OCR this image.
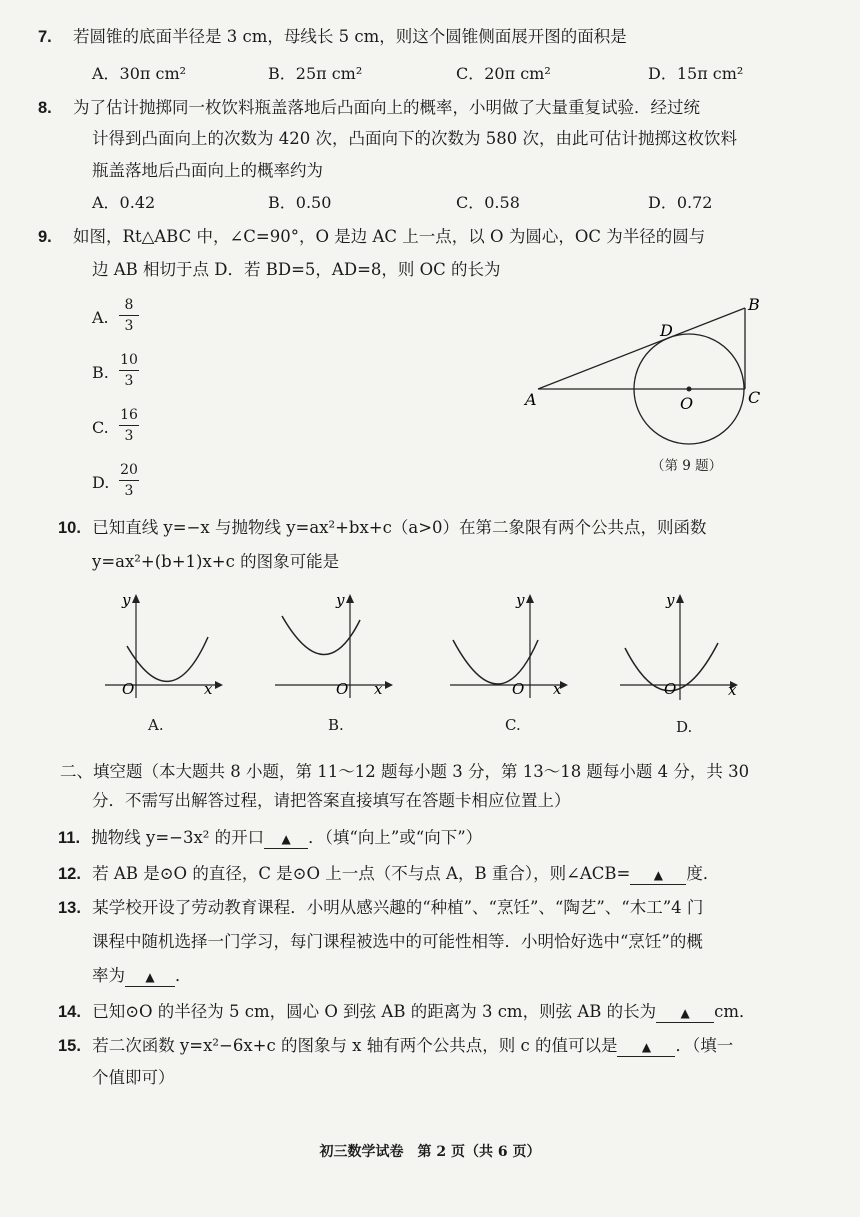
7. 若圆锥的底面半径是 3 cm，母线长 5 cm，则这个圆锥侧面展开图的面积是
A．30π cm²	B．25π cm²	C．20π cm²	D．15π cm²
8. 为了估计抛掷同一枚饮料瓶盖落地后凸面向上的概率，小明做了大量重复试验．经过统
计得到凸面向上的次数为 420 次，凸面向下的次数为 580 次，由此可估计抛掷这枚饮料
瓶盖落地后凸面向上的概率约为
A．0.42	B．0.50	C．0.58	D．0.72
9. 如图，Rt△ABC 中，∠C=90°，O 是边 AC 上一点，以 O 为圆心，OC 为半径的圆与
边 AB 相切于点 D．若 BD=5，AD=8，则 OC 的长为
A.
8
3
B.
10
3
C.
16
3
D.
20
3
A
B
C
D
O
（第 9 题）
10. 已知直线 y=−x 与抛物线 y=ax²+bx+c（a>0）在第二象限有两个公共点，则函数
y=ax²+(b+1)x+c 的图象可能是
y
x
O
A.
y
x
O
B.
y
x
O
C.
y
x
O
D.
二、填空题（本大题共 8 小题，第 11～12 题每小题 3 分，第 13～18 题每小题 4 分，共 30
分．不需写出解答过程，请把答案直接填写在答题卡相应位置上）
11. 抛物线 y=−3x² 的开口 ▲ ．（填“向上”或“向下”）
12. 若 AB 是⊙O 的直径，C 是⊙O 上一点（不与点 A，B 重合），则∠ACB= ▲ 度．
13. 某学校开设了劳动教育课程．小明从感兴趣的“种植”、“烹饪”、“陶艺”、“木工”4 门
课程中随机选择一门学习，每门课程被选中的可能性相等．小明恰好选中“烹饪”的概
率为 ▲ ．
14. 已知⊙O 的半径为 5 cm，圆心 O 到弦 AB 的距离为 3 cm，则弦 AB 的长为 ▲ cm．
15. 若二次函数 y=x²−6x+c 的图象与 x 轴有两个公共点，则 c 的值可以是 ▲ ．（填一
个值即可）
初三数学试卷　第 2 页（共 6 页）
